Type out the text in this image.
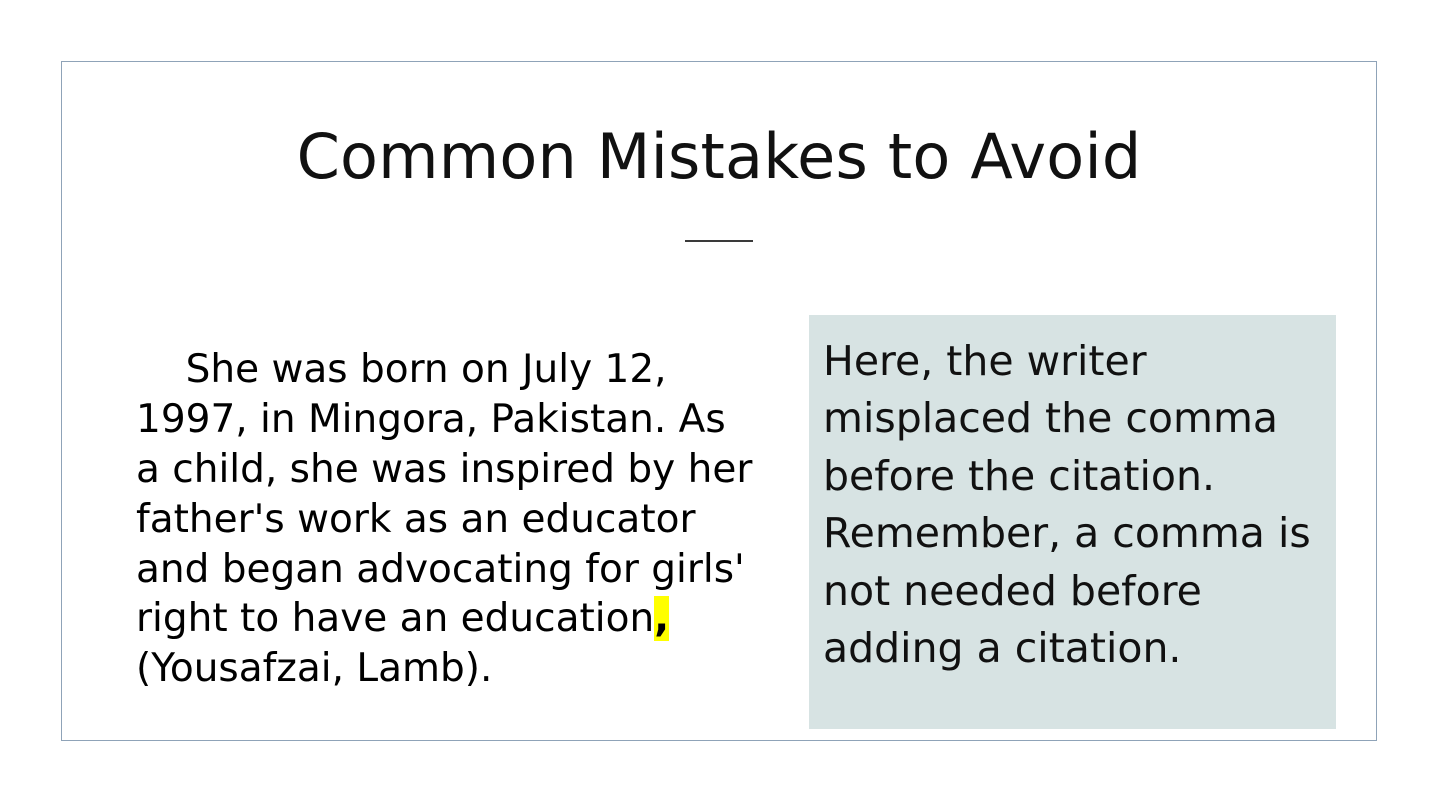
Common Mistakes to Avoid

She was born on July 12, 1997, in Mingora, Pakistan. As a child, she was inspired by her father's work as an educator and began advocating for girls' right to have an education, (Yousafzai, Lamb).

Here, the writer misplaced the comma before the citation. Remember, a comma is not needed before adding a citation.
